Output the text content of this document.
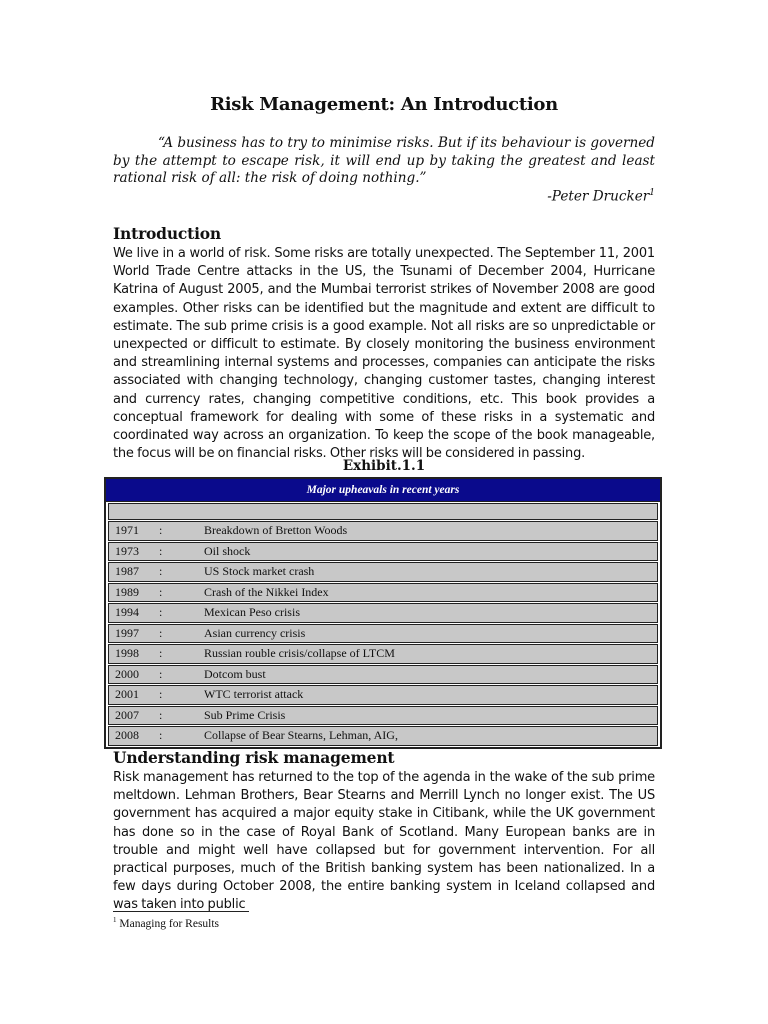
Risk Management: An Introduction
“A business has to try to minimise risks. But if its behaviour is governed by the attempt to escape risk, it will end up by taking the greatest and least rational risk of all: the risk of doing nothing.”
-Peter Drucker$^1$
Introduction
We live in a world of risk. Some risks are totally unexpected. The September 11, 2001 World Trade Centre attacks in the US, the Tsunami of December 2004, Hurricane Katrina of August 2005, and the Mumbai terrorist strikes of November 2008 are good examples. Other risks can be identified but the magnitude and extent are difficult to estimate. The sub prime crisis is a good example. Not all risks are so unpredictable or unexpected or difficult to estimate. By closely monitoring the business environment and streamlining internal systems and processes, companies can anticipate the risks associated with changing technology, changing customer tastes, changing interest and currency rates, changing competitive conditions, etc. This book provides a conceptual framework for dealing with some of these risks in a systematic and coordinated way across an organization. To keep the scope of the book manageable, the focus will be on financial risks. Other risks will be considered in passing.
Exhibit.1.1
Understanding risk management
Risk management has returned to the top of the agenda in the wake of the sub prime meltdown. Lehman Brothers, Bear Stearns and Merrill Lynch no longer exist. The US government has acquired a major equity stake in Citibank, while the UK government has done so in the case of Royal Bank of Scotland. Many European banks are in trouble and might well have collapsed but for government intervention. For all practical purposes, much of the British banking system has been nationalized. In a few days during October 2008, the entire banking system in Iceland collapsed and was taken into public
Major upheavals in recent years
1971 :	Breakdown of Bretton Woods
1973 :	Oil shock
1987 :	US Stock market crash
1989 :	Crash of the Nikkei Index
1994 :	Mexican Peso crisis
1997 :	Asian currency crisis
1998 :	Russian rouble crisis/collapse of LTCM
2000 :	Dotcom bust
2001 :	WTC terrorist attack
2007 :	Sub Prime Crisis
2008 :	Collapse of Bear Stearns, Lehman, AIG,
$^1$ Managing for Results
